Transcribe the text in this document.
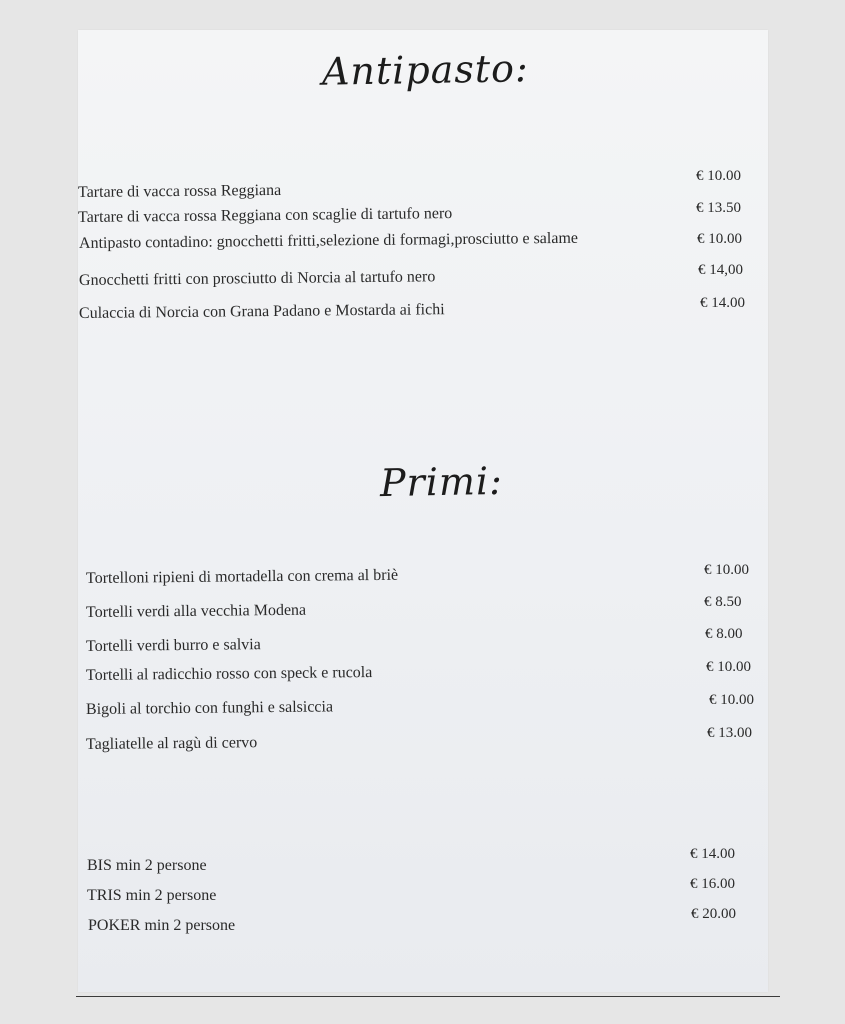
Antipasto:
Tartare di vacca rossa Reggiana
Tartare di vacca rossa Reggiana con scaglie di tartufo nero
Antipasto contadino: gnocchetti fritti,selezione di formagi,prosciutto e salame
Gnocchetti fritti con prosciutto di Norcia al tartufo nero
Culaccia di Norcia con Grana Padano e Mostarda ai fichi
€ 10.00
€ 13.50
€ 10.00
€ 14,00
€ 14.00
Primi:
Tortelloni ripieni di mortadella con crema al briè
Tortelli verdi alla vecchia Modena
Tortelli verdi burro e salvia
Tortelli al radicchio rosso con speck e rucola
Bigoli al torchio con funghi e salsiccia
Tagliatelle al ragù di cervo
€ 10.00
€ 8.50
€ 8.00
€ 10.00
€ 10.00
€ 13.00
BIS min 2 persone
TRIS min 2 persone
POKER min 2 persone
€ 14.00
€ 16.00
€ 20.00
